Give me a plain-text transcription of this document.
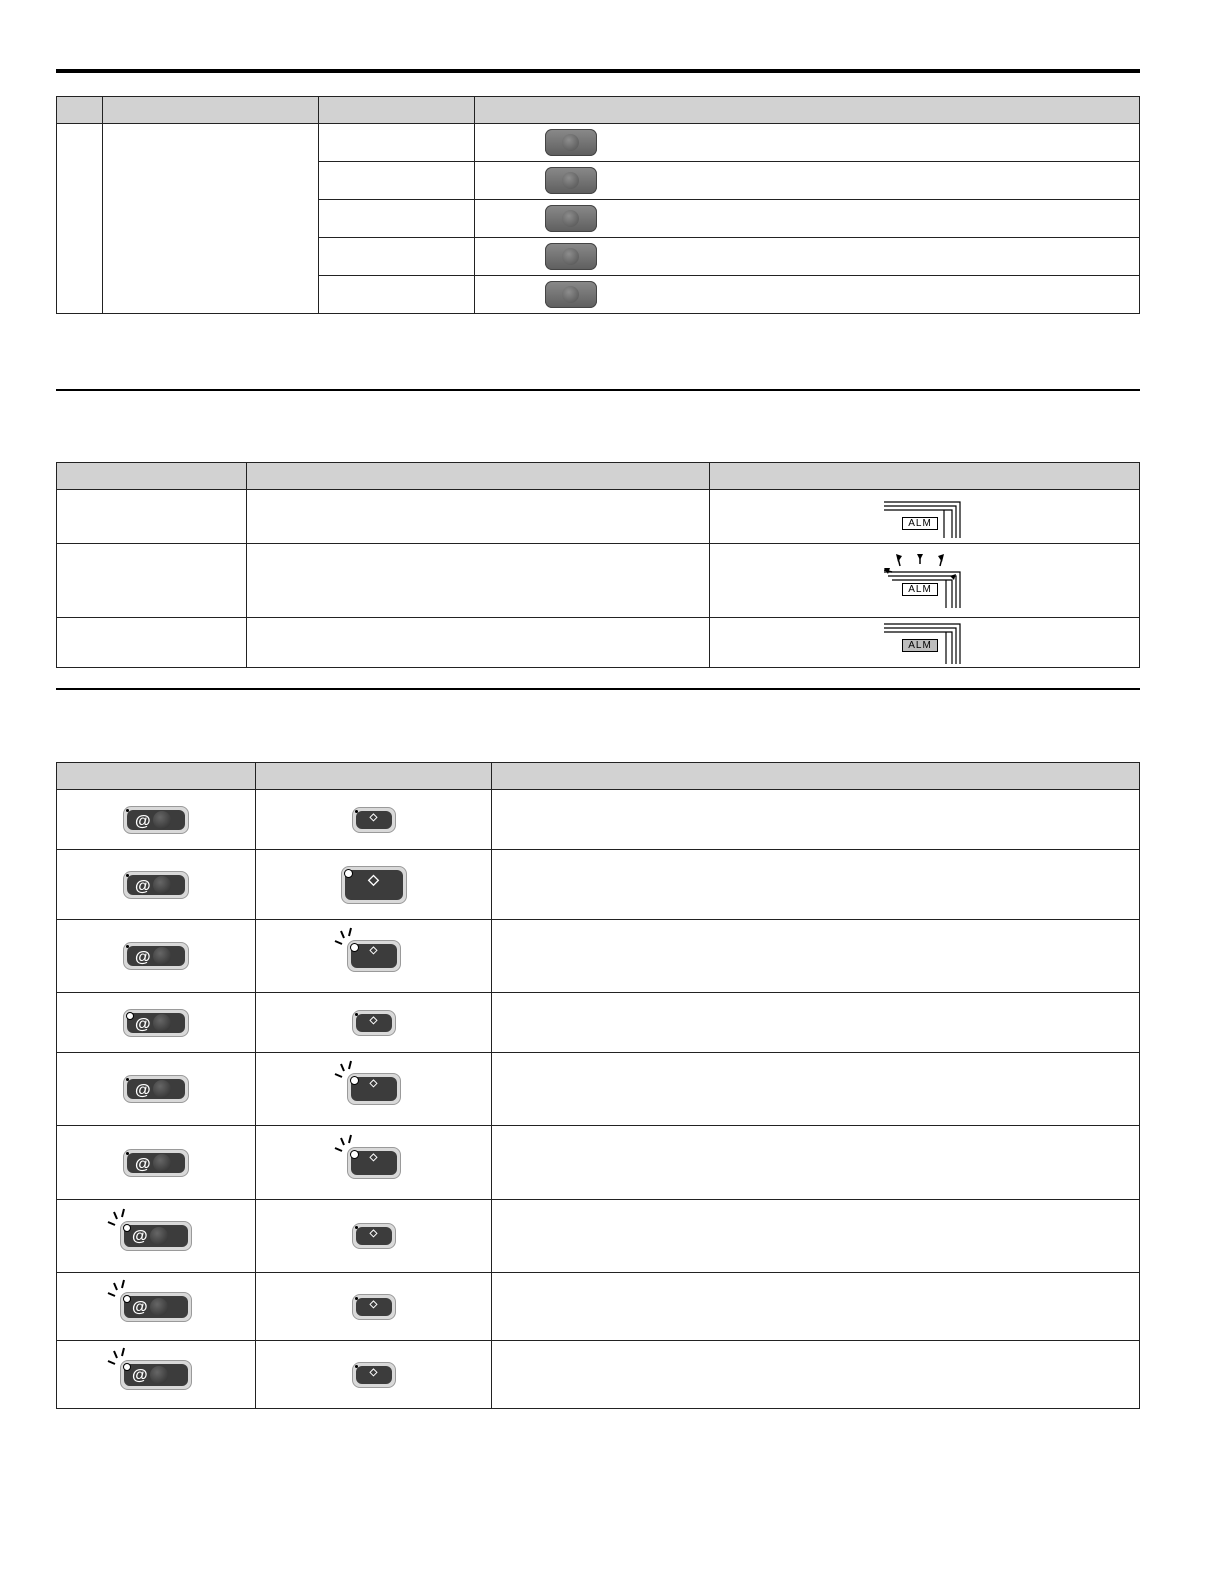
		ALM

		ALM

		ALM

@	◇	

@	◇	

@	◇	

@	◇	

@	◇	

@	◇	

@	◇	

@	◇	

@	◇	
